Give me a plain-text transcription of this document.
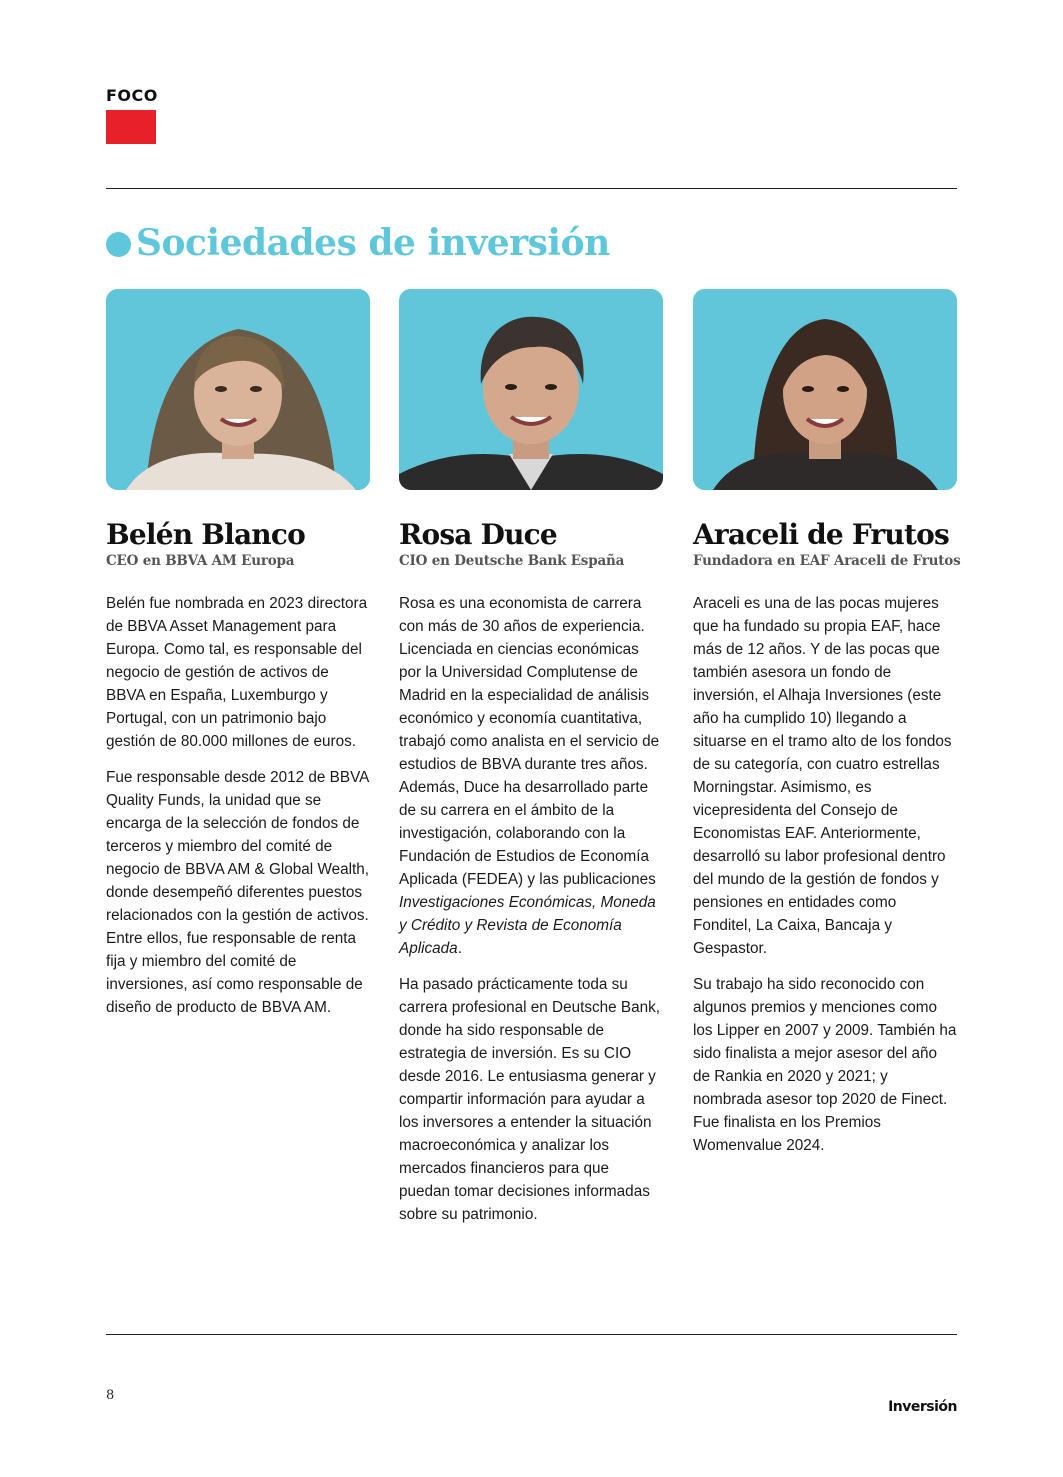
FOCO
Sociedades de inversión
Belén Blanco
CEO en BBVA AM Europa

Belén fue nombrada en 2023 directora de BBVA Asset Management para Europa. Como tal, es responsable del negocio de gestión de activos de BBVA en España, Luxemburgo y Portugal, con un patrimonio bajo gestión de 80.000 millones de euros.

Fue responsable desde 2012 de BBVA Quality Funds, la unidad que se encarga de la selección de fondos de terceros y miembro del comité de negocio de BBVA AM & Global Wealth, donde desempeñó diferentes puestos relacionados con la gestión de activos. Entre ellos, fue responsable de renta fija y miembro del comité de inversiones, así como responsable de diseño de producto de BBVA AM.

Rosa Duce
CIO en Deutsche Bank España

Rosa es una economista de carrera con más de 30 años de experiencia. Licenciada en ciencias económicas por la Universidad Complutense de Madrid en la especialidad de análisis económico y economía cuantitativa, trabajó como analista en el servicio de estudios de BBVA durante tres años. Además, Duce ha desarrollado parte de su carrera en el ámbito de la investigación, colaborando con la Fundación de Estudios de Economía Aplicada (FEDEA) y las publicaciones Investigaciones Económicas, Moneda y Crédito y Revista de Economía Aplicada.

Ha pasado prácticamente toda su carrera profesional en Deutsche Bank, donde ha sido responsable de estrategia de inversión. Es su CIO desde 2016. Le entusiasma generar y compartir información para ayudar a los inversores a entender la situación macroeconómica y analizar los mercados financieros para que puedan tomar decisiones informadas sobre su patrimonio.

Araceli de Frutos
Fundadora en EAF Araceli de Frutos

Araceli es una de las pocas mujeres que ha fundado su propia EAF, hace más de 12 años. Y de las pocas que también asesora un fondo de inversión, el Alhaja Inversiones (este año ha cumplido 10) llegando a situarse en el tramo alto de los fondos de su categoría, con cuatro estrellas Morningstar. Asimismo, es vicepresidenta del Consejo de Economistas EAF. Anteriormente, desarrolló su labor profesional dentro del mundo de la gestión de fondos y pensiones en entidades como Fonditel, La Caixa, Bancaja y Gespastor.

Su trabajo ha sido reconocido con algunos premios y menciones como los Lipper en 2007 y 2009. También ha sido finalista a mejor asesor del año de Rankia en 2020 y 2021; y nombrada asesor top 2020 de Finect. Fue finalista en los Premios Womenvalue 2024.

8
Inversión
